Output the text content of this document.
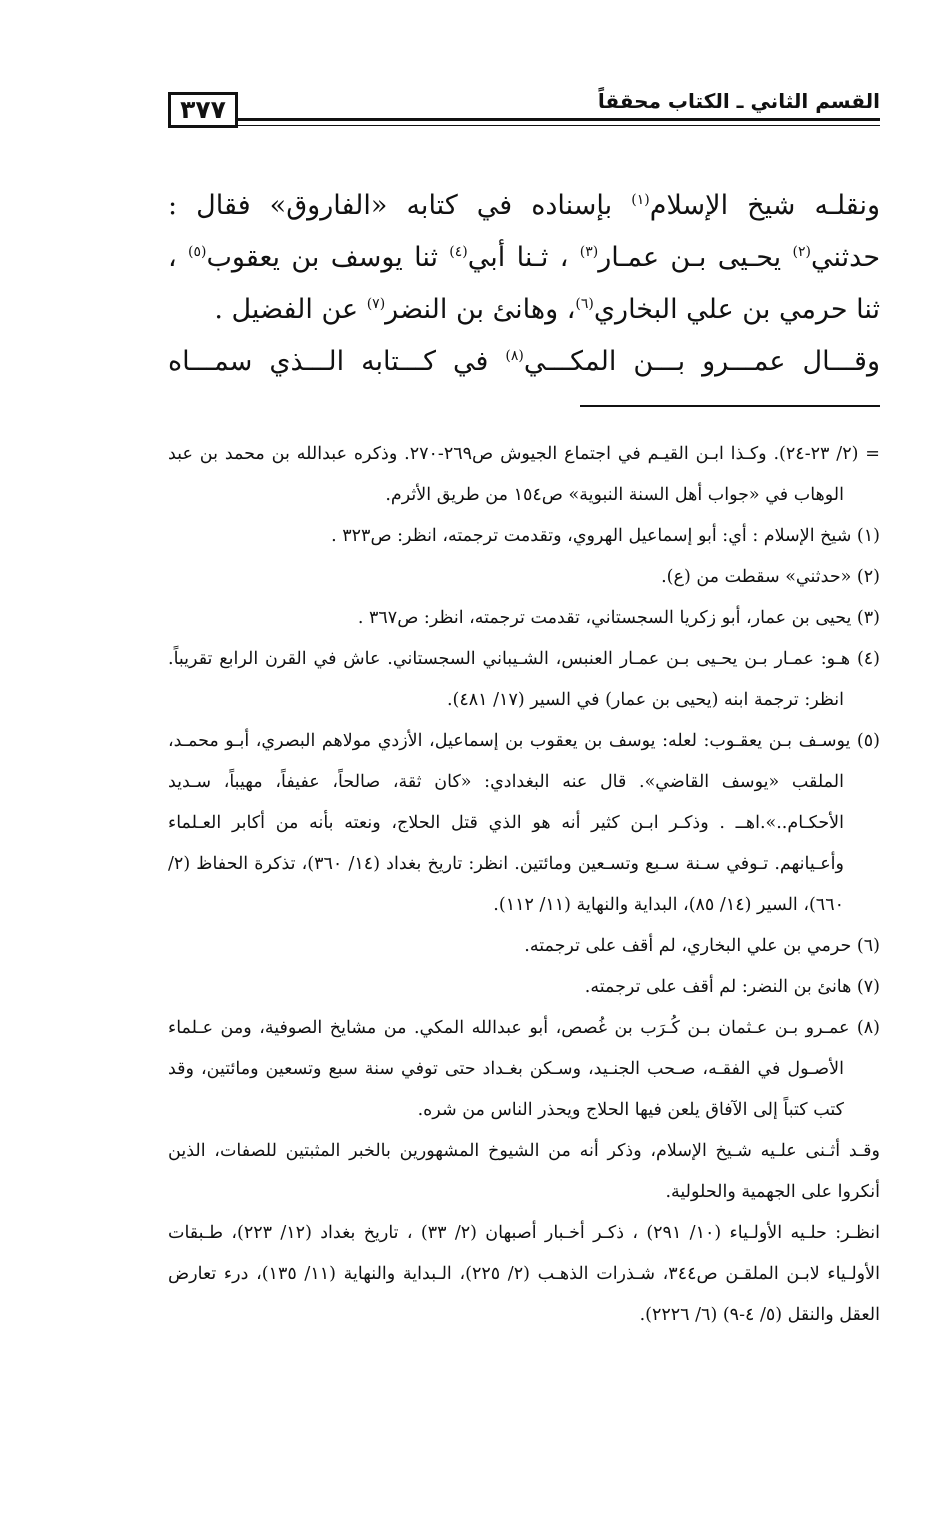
٣٧٧	القسم الثاني ـ الكتاب محققاً

ونقلـه شيخ الإسلام$^{(١)}$ بإسناده في كتابه «الفاروق» فقال : حدثني$^{(٢)}$ يحـيى بـن عمـار$^{(٣)}$ ، ثـنا أبي$^{(٤)}$ ثنا يوسف بن يعقوب$^{(٥)}$ ، ثنا حرمي بن علي البخاري$^{(٦)}$، وهانئ بن النضر$^{(٧)}$ عن الفضيل .

وقـــال عمـــرو بـــن المكـــي$^{(٨)}$ في كـــتابه الـــذي سمـــاه

= (٢/ ٢٣-٢٤). وكـذا ابـن القيـم في اجتماع الجيوش ص٢٦٩-٢٧٠. وذكره عبدالله بن محمد بن عبد الوهاب في «جواب أهل السنة النبوية» ص١٥٤ من طريق الأثرم.

(١) شيخ الإسلام : أي: أبو إسماعيل الهروي، وتقدمت ترجمته، انظر: ص٣٢٣ .

(٢) «حدثني» سقطت من (ع).

(٣) يحيى بن عمار، أبو زكريا السجستاني، تقدمت ترجمته، انظر: ص٣٦٧ .

(٤) هـو: عمـار بـن يحـيى بـن عمـار العنبس، الشـيباني السجستاني. عاش في القرن الرابع تقريباً. انظر: ترجمة ابنه (يحيى بن عمار) في السير (١٧/ ٤٨١).

(٥) يوسـف بـن يعقـوب: لعله: يوسف بن يعقوب بن إسماعيل، الأزدي مولاهم البصري، أبـو محمـد، الملقب «يوسف القاضي». قال عنه البغدادي: «كان ثقة، صالحاً، عفيفاً، مهيباً، سـديد الأحكـام..».اهــ . وذكـر ابـن كثير أنه هو الذي قتل الحلاج، ونعته بأنه من أكابر العـلماء وأعـيانهم. تـوفي سـنة سـبع وتسـعين ومائتين. انظر: تاريخ بغداد (١٤/ ٣٦٠)، تذكرة الحفاظ (٢/ ٦٦٠)، السير (١٤/ ٨٥)، البداية والنهاية (١١/ ١١٢).

(٦) حرمي بن علي البخاري، لم أقف على ترجمته.

(٧) هانئ بن النضر: لم أقف على ترجمته.

(٨) عمـرو بـن عـثمان بـن كُـرَب بن غُصص، أبو عبدالله المكي. من مشايخ الصوفية، ومن عـلماء الأصـول في الفقـه، صـحب الجنـيد، وسـكن بغـداد حتى توفي سنة سبع وتسعين ومائتين، وقد كتب كتباً إلى الآفاق يلعن فيها الحلاج ويحذر الناس من شره.

وقـد أثـنى علـيه شـيخ الإسلام، وذكر أنه من الشيوخ المشهورين بالخبر المثبتين للصفات، الذين أنكروا على الجهمية والحلولية.

انظـر: حلـيه الأولـياء (١٠/ ٢٩١) ، ذكـر أخـبار أصبهان (٢/ ٣٣) ، تاريخ بغداد (١٢/ ٢٢٣)، طـبقات الأولـياء لابـن الملقـن ص٣٤٤، شـذرات الذهـب (٢/ ٢٢٥)، الـبداية والنهاية (١١/ ١٣٥)، درء تعارض العقل والنقل (٥/ ٤-٩) (٦/ ٢٢٢٦).
